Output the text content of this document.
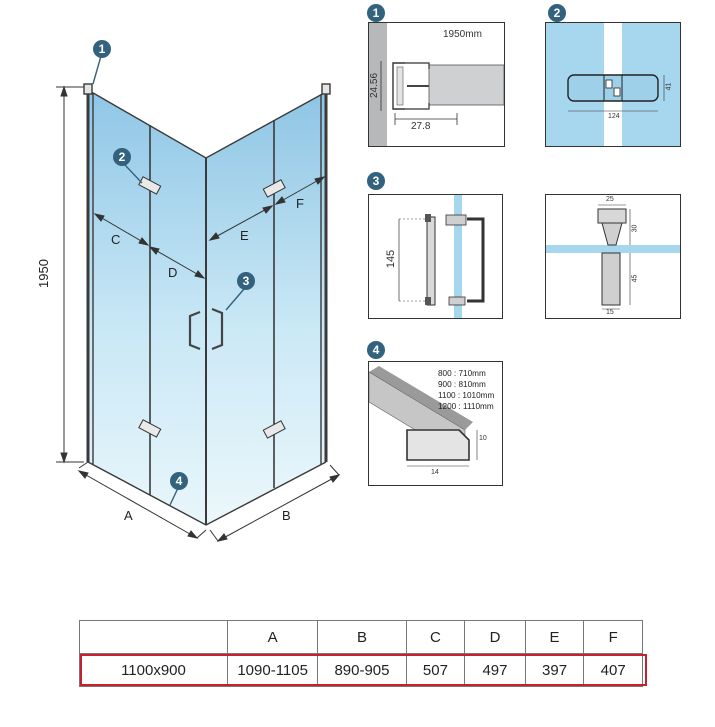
1950
A	B
C
D
E
F
1
2
3
4
1
1950mm
24.56
27.8
2
124
41
3
145
25
30
45
15
4
10
14
800 : 710mm
900 : 810mm
1100 : 1010mm
1200 : 1110mm
	A	B	C	D	E	F
1100x900	1090-1105	890-905	507	497	397	407
